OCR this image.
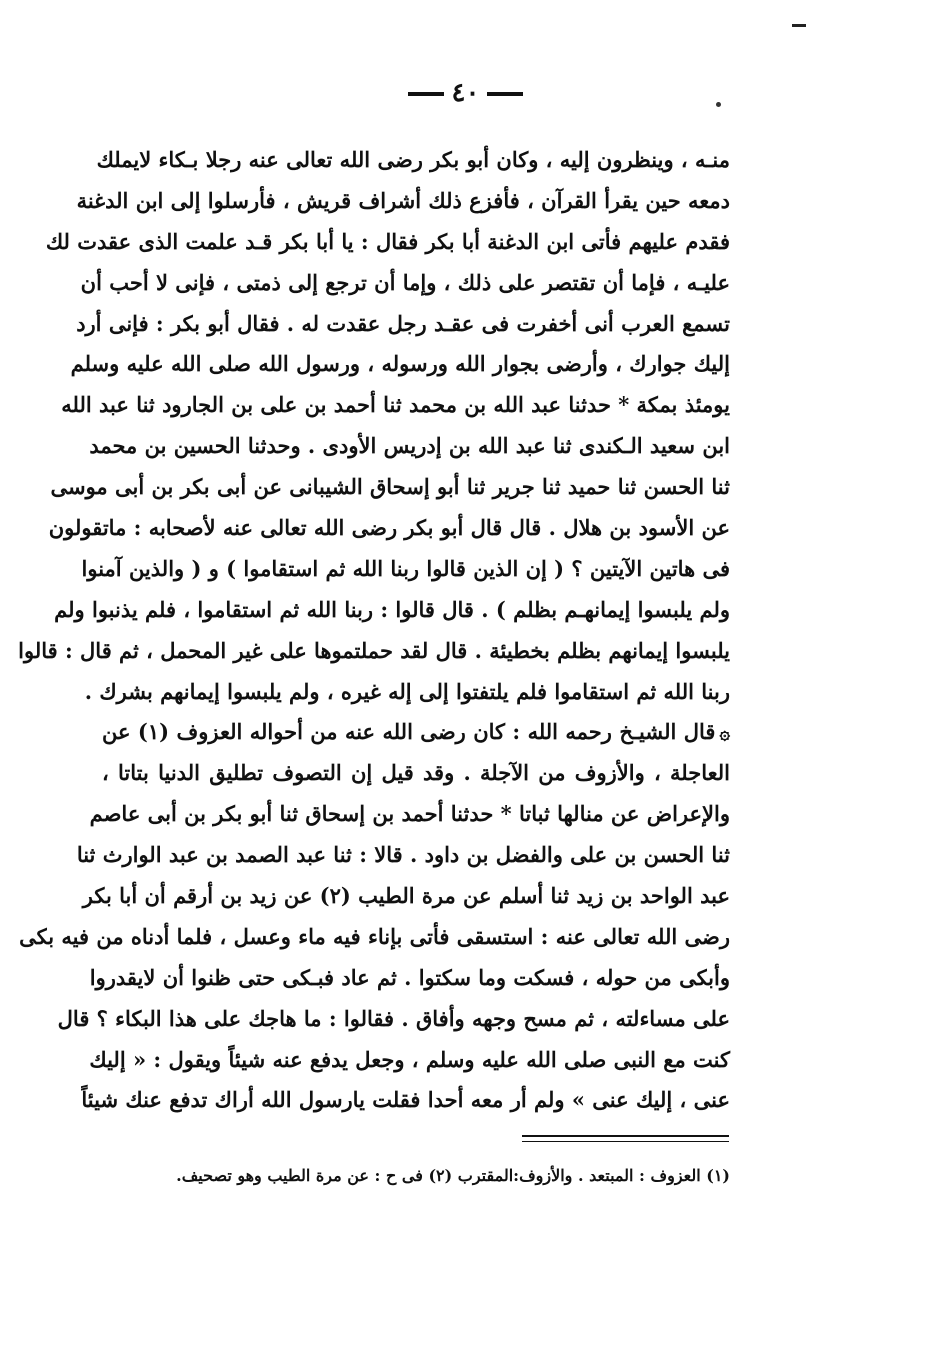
٤٠
منـه ، وينظرون إليه ، وكان أبو بكر رضى الله تعالى عنه رجلا بـكاء لايملك
دمعه حين يقرأ القرآن ، فأفزع ذلك أشراف قريش ، فأرسلوا إلى ابن الدغنة
فقدم عليهم فأتى ابن الدغنة أبا بكر فقال : يا أبا بكر قـد علمت الذى عقدت لك
عليـه ، فإما أن تقتصر على ذلك ، وإما أن ترجع إلى ذمتى ، فإنى لا أحب أن
تسمع العرب أنى أخفرت فى عقـد رجل عقدت له . فقال أبو بكر : فإنى أرد
إليك جوارك ، وأرضى بجوار الله ورسوله ، ورسول الله صلى الله عليه وسلم
يومئذ بمكة * حدثنا عبد الله بن محمد ثنا أحمد بن على بن الجارود ثنا عبد الله
ابن سعيد الـكندى ثنا عبد الله بن إدريس الأودى . وحدثنا الحسين بن محمد
ثنا الحسن ثنا حميد ثنا جرير ثنا أبو إسحاق الشيبانى عن أبى بكر بن أبى موسى
عن الأسود بن هلال . قال قال أبو بكر رضى الله تعالى عنه لأصحابه : ماتقولون
فى هاتين الآيتين ؟ ( إن الذين قالوا ربنا الله ثم استقاموا ) و ( والذين آمنوا
ولم يلبسوا إيمانهـم بظلم ) . قال قالوا : ربنا الله ثم استقاموا ، فلم يذنبوا ولم
يلبسوا إيمانهم بظلم بخطيئة . قال لقد حملتموها على غير المحمل ، ثم قال : قالوا
ربنا الله ثم استقاموا فلم يلتفتوا إلى إله غيره ، ولم يلبسوا إيمانهم بشرك .
۞قال الشيـخ رحمه الله : كان رضى الله عنه من أحواله العزوف (١) عن
العاجلة ، والأزوف من الآجلة . وقد قيل إن التصوف تطليق الدنيا بتاتا ،
والإعراض عن منالها ثباتا * حدثنا أحمد بن إسحاق ثنا أبو بكر بن أبى عاصم
ثنا الحسن بن على والفضل بن داود . قالا : ثنا عبد الصمد بن عبد الوارث ثنا
عبد الواحد بن زيد ثنا أسلم عن مرة الطيب (٢) عن زيد بن أرقم أن أبا بكر
رضى الله تعالى عنه : استسقى فأتى بإناء فيه ماء وعسل ، فلما أدناه من فيه بكى
وأبكى من حوله ، فسكت وما سكتوا . ثم عاد فبـكى حتى ظنوا أن لايقدروا
على مساءلته ، ثم مسح وجهه وأفاق . فقالوا : ما هاجك على هذا البكاء ؟ قال
كنت مع النبى صلى الله عليه وسلم ، وجعل يدفع عنه شيئاً ويقول : « إليك
عنى ، إليك عنى » ولم أر معه أحدا فقلت يارسول الله أراك تدفع عنك شيئاً
(١) العزوف : المبتعد . والأزوف:المقترب (٢) فى ح : عن مرة الطيب وهو تصحيف.
